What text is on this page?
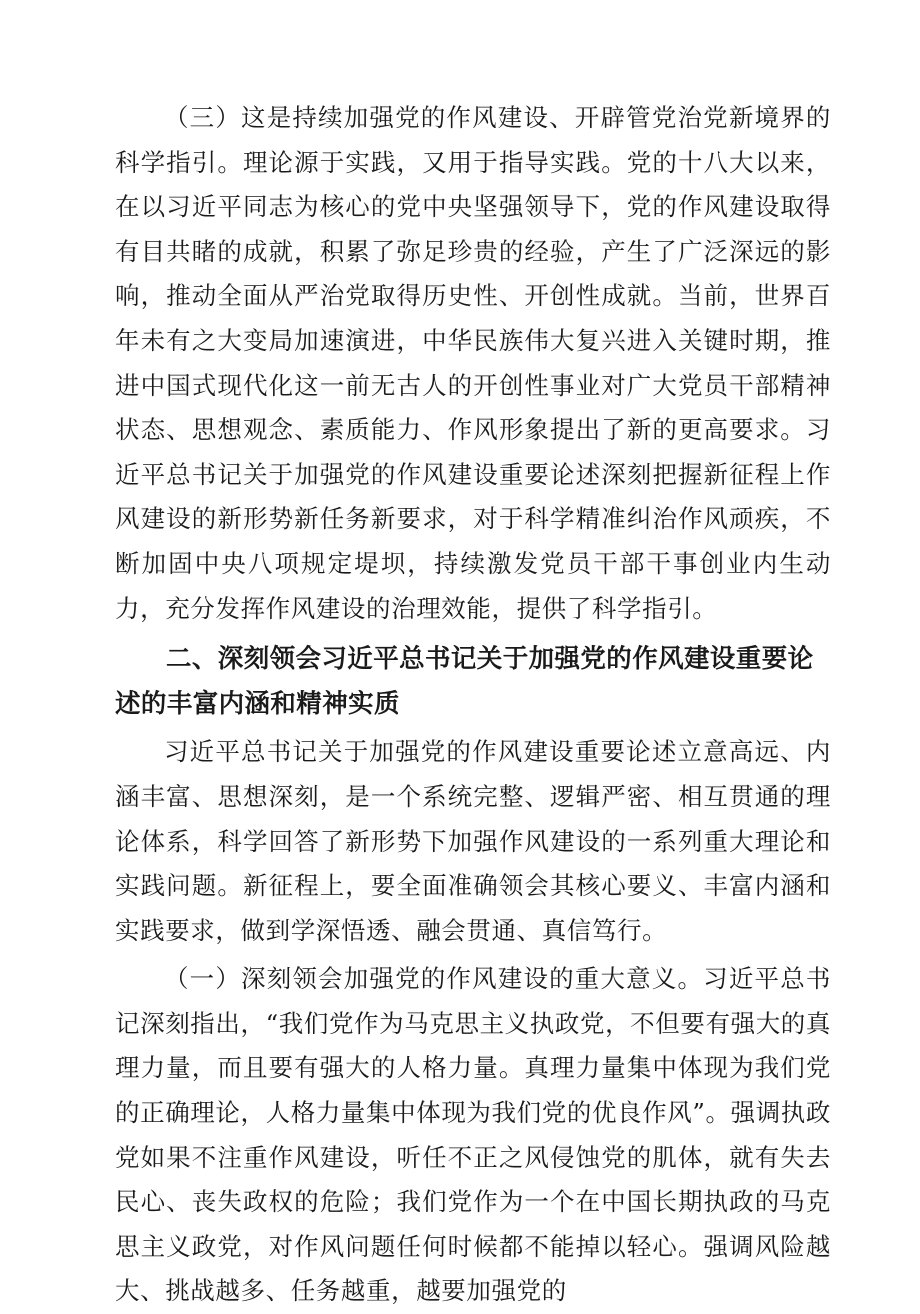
（三）这是持续加强党的作风建设、开辟管党治党新境界的科学指引。理论源于实践，又用于指导实践。党的十八大以来，在以习近平同志为核心的党中央坚强领导下，党的作风建设取得有目共睹的成就，积累了弥足珍贵的经验，产生了广泛深远的影响，推动全面从严治党取得历史性、开创性成就。当前，世界百年未有之大变局加速演进，中华民族伟大复兴进入关键时期，推进中国式现代化这一前无古人的开创性事业对广大党员干部精神状态、思想观念、素质能力、作风形象提出了新的更高要求。习近平总书记关于加强党的作风建设重要论述深刻把握新征程上作风建设的新形势新任务新要求，对于科学精准纠治作风顽疾，不断加固中央八项规定堤坝，持续激发党员干部干事创业内生动力，充分发挥作风建设的治理效能，提供了科学指引。

二、深刻领会习近平总书记关于加强党的作风建设重要论述的丰富内涵和精神实质

习近平总书记关于加强党的作风建设重要论述立意高远、内涵丰富、思想深刻，是一个系统完整、逻辑严密、相互贯通的理论体系，科学回答了新形势下加强作风建设的一系列重大理论和实践问题。新征程上，要全面准确领会其核心要义、丰富内涵和实践要求，做到学深悟透、融会贯通、真信笃行。

（一）深刻领会加强党的作风建设的重大意义。习近平总书记深刻指出，“我们党作为马克思主义执政党，不但要有强大的真理力量，而且要有强大的人格力量。真理力量集中体现为我们党的正确理论，人格力量集中体现为我们党的优良作风”。强调执政党如果不注重作风建设，听任不正之风侵蚀党的肌体，就有失去民心、丧失政权的危险；我们党作为一个在中国长期执政的马克思主义政党，对作风问题任何时候都不能掉以轻心。强调风险越大、挑战越多、任务越重，越要加强党的
